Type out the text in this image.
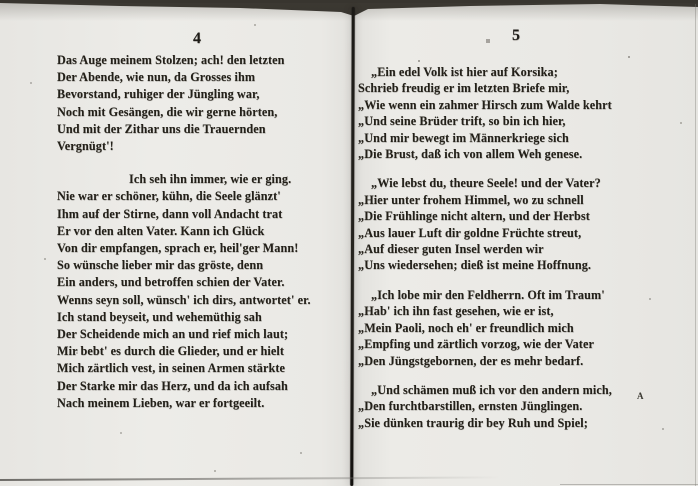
4
Das Auge meinem Stolzen; ach! den letzten
Der Abende, wie nun, da Grosses ihm
Bevorstand, ruhiger der Jüngling war,
Noch mit Gesängen, die wir gerne hörten,
Und mit der Zithar uns die Trauernden
Vergnügt'!
Ich seh ihn immer, wie er ging.
Nie war er schöner, kühn, die Seele glänzt'
Ihm auf der Stirne, dann voll Andacht trat
Er vor den alten Vater. Kann ich Glück
Von dir empfangen, sprach er, heil'ger Mann!
So wünsche lieber mir das gröste, denn
Ein anders, und betroffen schien der Vater.
Wenns seyn soll, wünsch' ich dirs, antwortet' er.
Ich stand beyseit, und wehemüthig sah
Der Scheidende mich an und rief mich laut;
Mir bebt' es durch die Glieder, und er hielt
Mich zärtlich vest, in seinen Armen stärkte
Der Starke mir das Herz, und da ich aufsah
Nach meinem Lieben, war er fortgeeilt.
5
„Ein edel Volk ist hier auf Korsika;
Schrieb freudig er im letzten Briefe mir,
„Wie wenn ein zahmer Hirsch zum Walde kehrt
„Und seine Brüder trift, so bin ich hier,
„Und mir bewegt im Männerkriege sich
„Die Brust, daß ich von allem Weh genese.
„Wie lebst du, theure Seele! und der Vater?
„Hier unter frohem Himmel, wo zu schnell
„Die Frühlinge nicht altern, und der Herbst
„Aus lauer Luft dir goldne Früchte streut,
„Auf dieser guten Insel werden wir
„Uns wiedersehen; dieß ist meine Hoffnung.
„Ich lobe mir den Feldherrn. Oft im Traum'
„Hab' ich ihn fast gesehen, wie er ist,
„Mein Paoli, noch eh' er freundlich mich
„Empfing und zärtlich vorzog, wie der Vater
„Den Jüngstgebornen, der es mehr bedarf.
„Und schämen muß ich vor den andern mich,
„Den furchtbarstillen, ernsten Jünglingen.
„Sie dünken traurig dir bey Ruh und Spiel;
A
